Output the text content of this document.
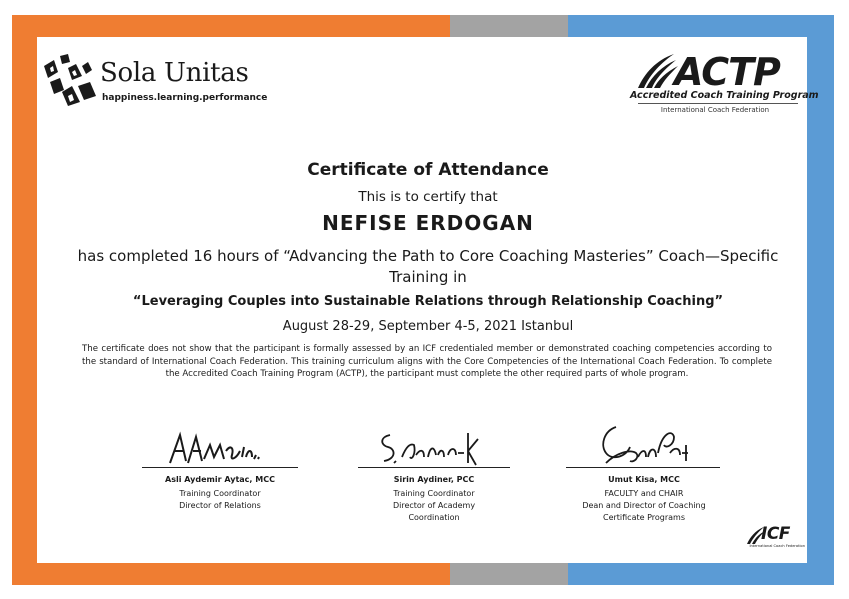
Sola Unitas
happiness.learning.performance
ACTP
Accredited Coach Training Program
International Coach Federation
Certificate of Attendance
This is to certify that
NEFISE ERDOGAN
has completed 16 hours of “Advancing the Path to Core Coaching Masteries” Coach—Specific Training in
“Leveraging Couples into Sustainable Relations through Relationship Coaching”
August 28-29, September 4-5, 2021 Istanbul
The certificate does not show that the participant is formally assessed by an ICF credentialed member or demonstrated coaching competencies according to the standard of International Coach Federation. This training curriculum aligns with the Core Competencies of the International Coach Federation. To complete the Accredited Coach Training Program (ACTP), the participant must complete the other required parts of whole program.
Asli Aydemir Aytac, MCC
Training Coordinator
Director of Relations
Sirin Aydiner, PCC
Training Coordinator
Director of Academy
Coordination
Umut Kisa, MCC
FACULTY and CHAIR
Dean and Director of Coaching
Certificate Programs
ICF
International Coach Federation
